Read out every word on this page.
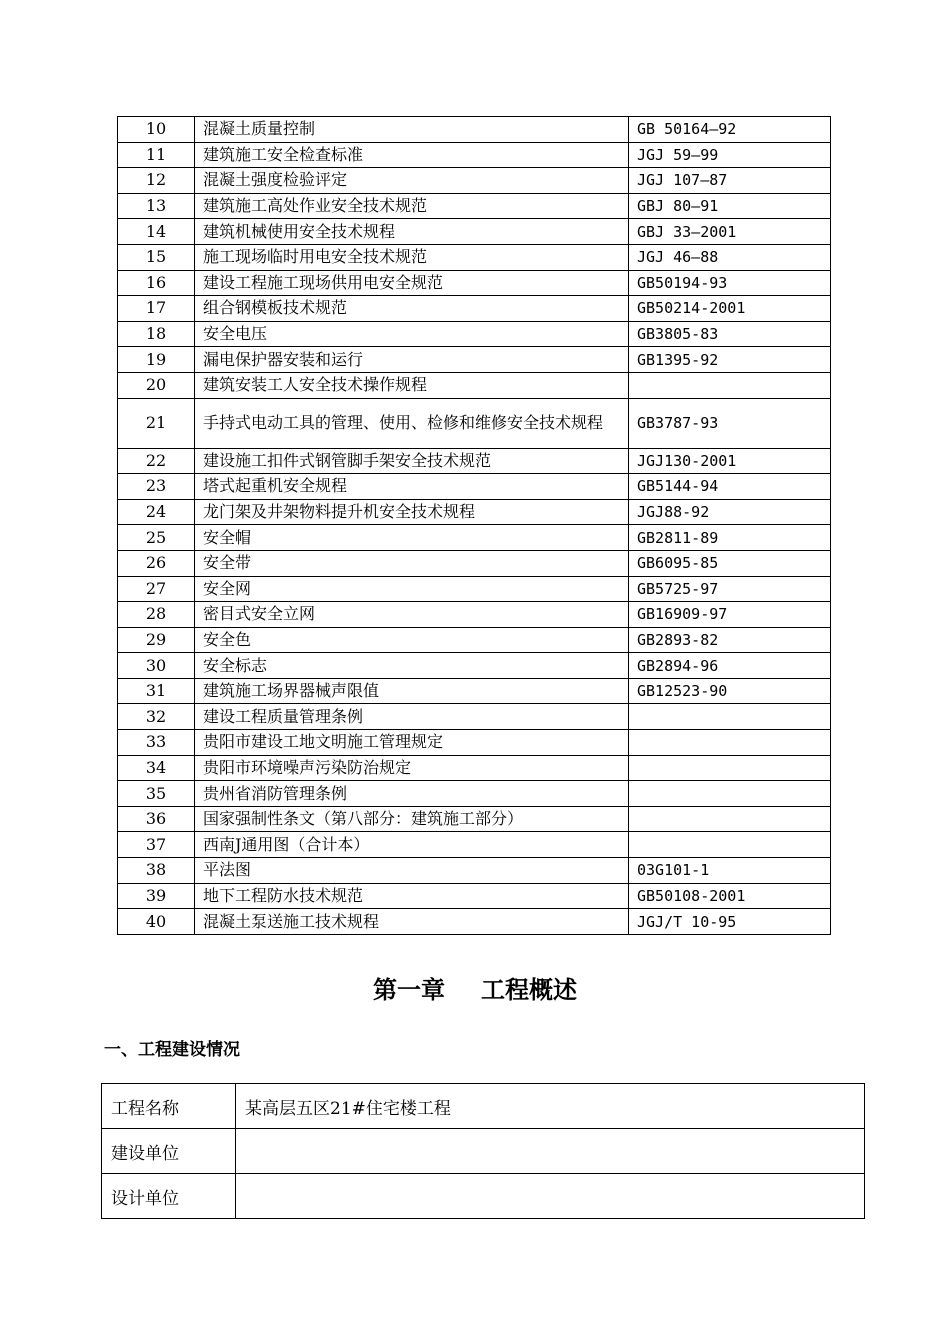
10	混凝土质量控制	GB 50164—92
11	建筑施工安全检查标准	JGJ 59—99
12	混凝土强度检验评定	JGJ 107—87
13	建筑施工高处作业安全技术规范	GBJ 80—91
14	建筑机械使用安全技术规程	GBJ 33—2001
15	施工现场临时用电安全技术规范	JGJ 46—88
16	建设工程施工现场供用电安全规范	GB50194-93
17	组合钢模板技术规范	GB50214-2001
18	安全电压	GB3805-83
19	漏电保护器安装和运行	GB1395-92
20	建筑安装工人安全技术操作规程	
21	手持式电动工具的管理、使用、检修和维修安全技术规程	GB3787-93
22	建设施工扣件式钢管脚手架安全技术规范	JGJ130-2001
23	塔式起重机安全规程	GB5144-94
24	龙门架及井架物料提升机安全技术规程	JGJ88-92
25	安全帽	GB2811-89
26	安全带	GB6095-85
27	安全网	GB5725-97
28	密目式安全立网	GB16909-97
29	安全色	GB2893-82
30	安全标志	GB2894-96
31	建筑施工场界器械声限值	GB12523-90
32	建设工程质量管理条例	
33	贵阳市建设工地文明施工管理规定	
34	贵阳市环境噪声污染防治规定	
35	贵州省消防管理条例	
36	国家强制性条文（第八部分：建筑施工部分）	
37	西南J通用图（合计本）	
38	平法图	03G101-1
39	地下工程防水技术规范	GB50108-2001
40	混凝土泵送施工技术规程	JGJ/T 10-95
第一章 工程概述
一、工程建设情况
工程名称	某高层五区21#住宅楼工程
建设单位	
设计单位	
